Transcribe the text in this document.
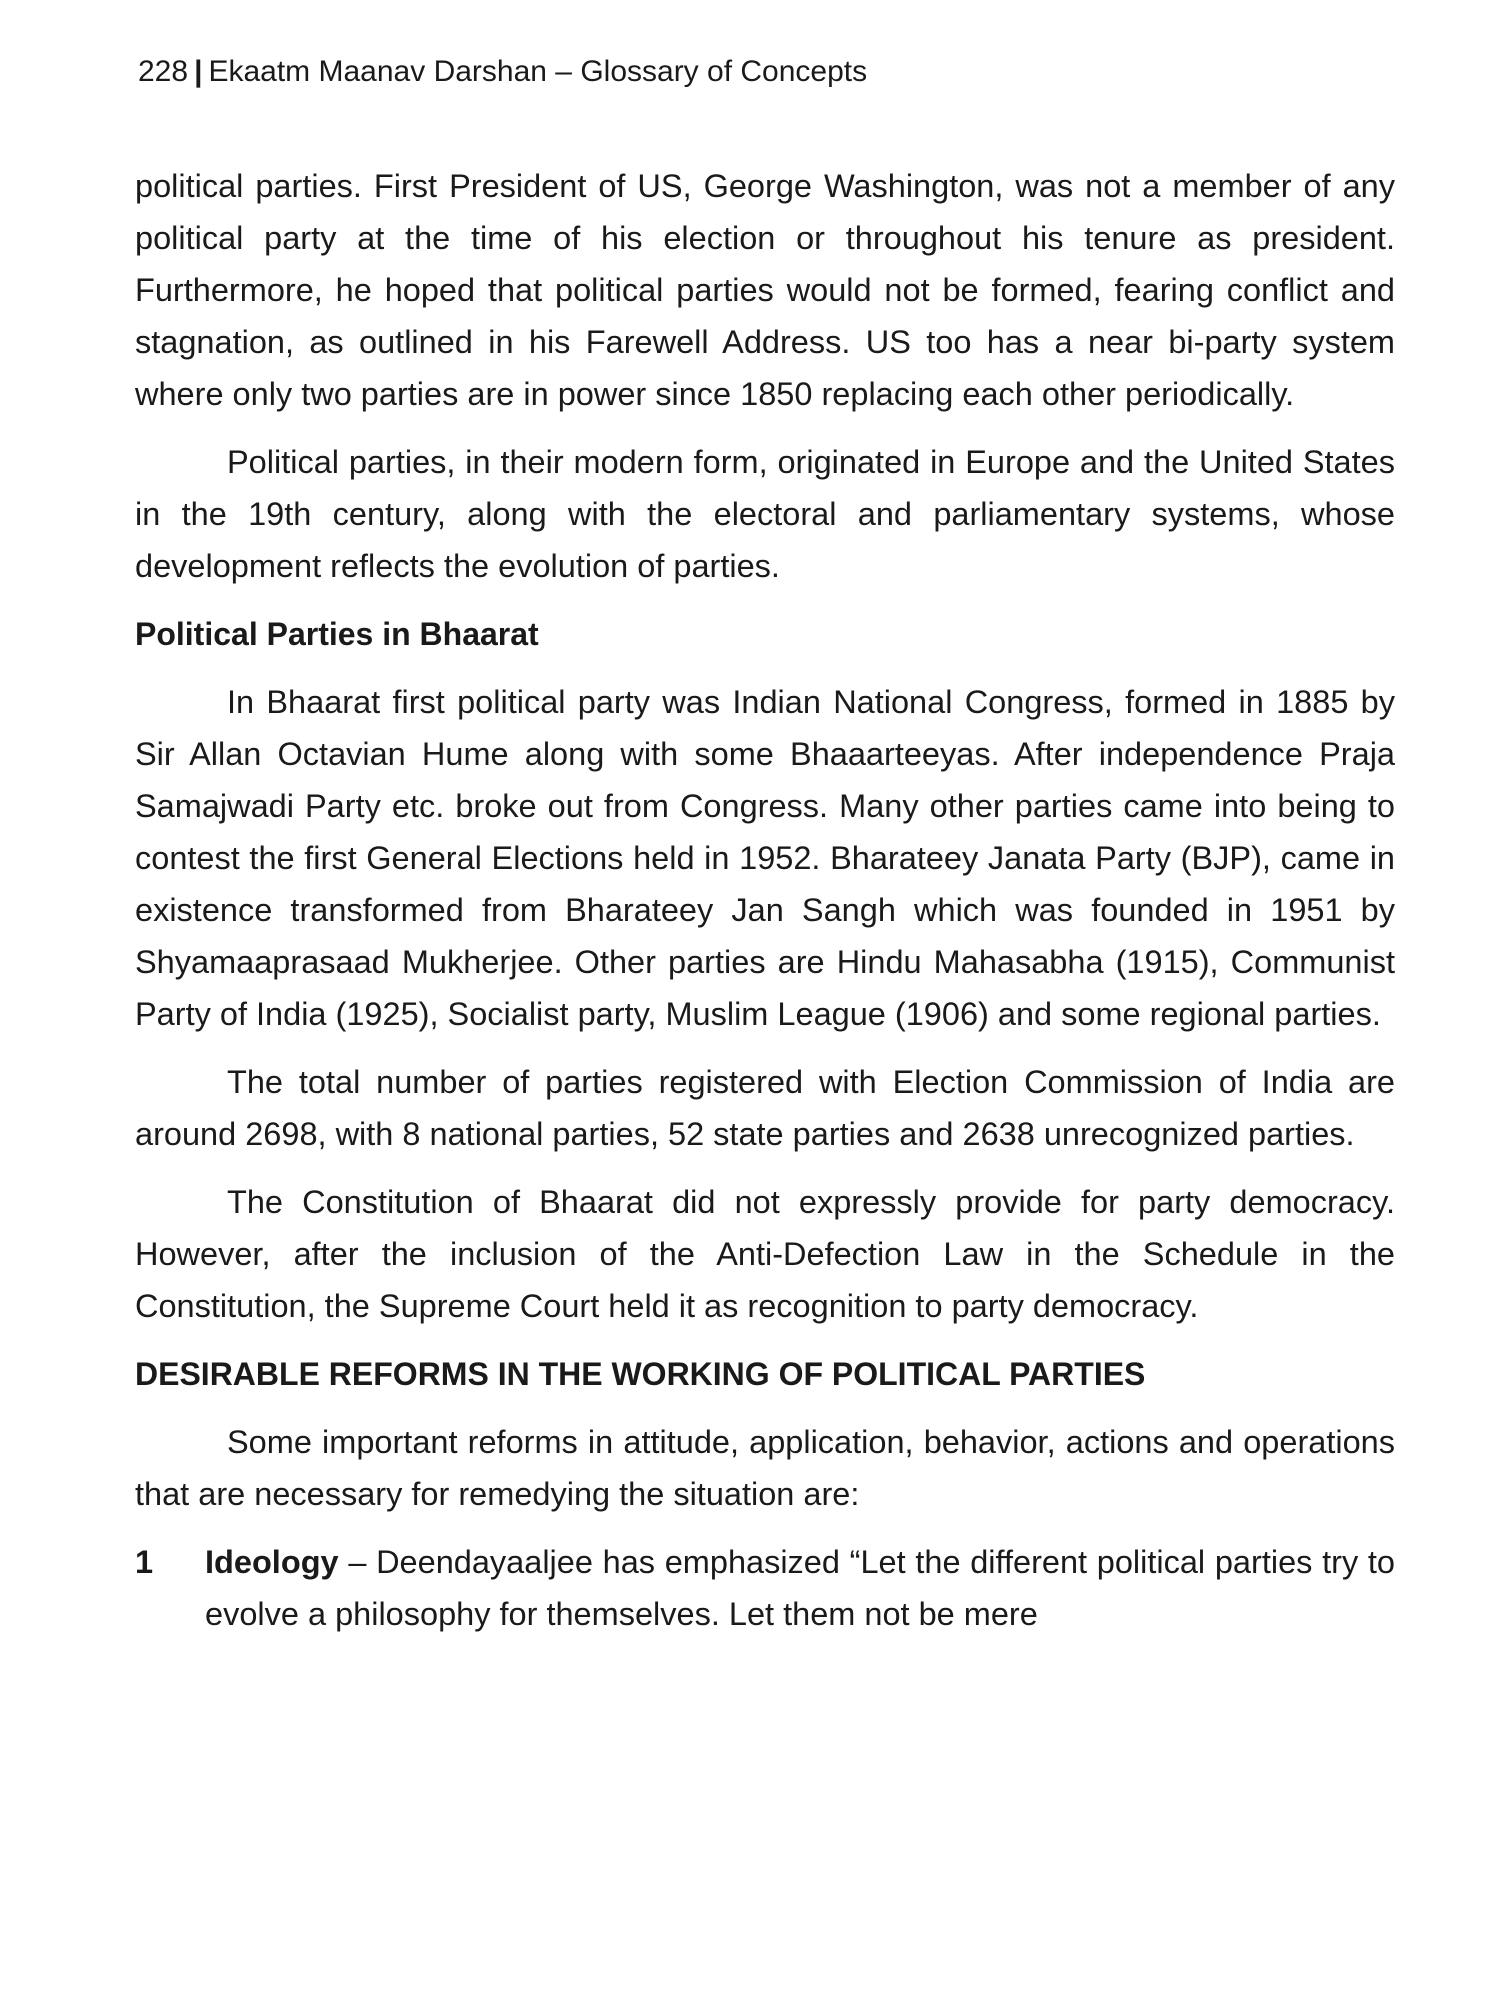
228 | Ekaatm Maanav Darshan – Glossary of Concepts

political parties. First President of US, George Washington, was not a member of any political party at the time of his election or throughout his tenure as president. Furthermore, he hoped that political parties would not be formed, fearing conflict and stagnation, as outlined in his Farewell Address. US too has a near bi-party system where only two parties are in power since 1850 replacing each other periodically.

Political parties, in their modern form, originated in Europe and the United States in the 19th century, along with the electoral and parliamentary systems, whose development reflects the evolution of parties.

Political Parties in Bhaarat

In Bhaarat first political party was Indian National Congress, formed in 1885 by Sir Allan Octavian Hume along with some Bhaaarteeyas. After independence Praja Samajwadi Party etc. broke out from Congress. Many other parties came into being to contest the first General Elections held in 1952. Bharateey Janata Party (BJP), came in existence transformed from Bharateey Jan Sangh which was founded in 1951 by Shyamaaprasaad Mukherjee. Other parties are Hindu Mahasabha (1915), Communist Party of India (1925), Socialist party, Muslim League (1906) and some regional parties.

The total number of parties registered with Election Commission of India are around 2698, with 8 national parties, 52 state parties and 2638 unrecognized parties.

The Constitution of Bhaarat did not expressly provide for party democracy. However, after the inclusion of the Anti-Defection Law in the Schedule in the Constitution, the Supreme Court held it as recognition to party democracy.

DESIRABLE REFORMS IN THE WORKING OF POLITICAL PARTIES

Some important reforms in attitude, application, behavior, actions and operations that are necessary for remedying the situation are:

1 Ideology – Deendayaaljee has emphasized “Let the different political parties try to evolve a philosophy for themselves. Let them not be mere
